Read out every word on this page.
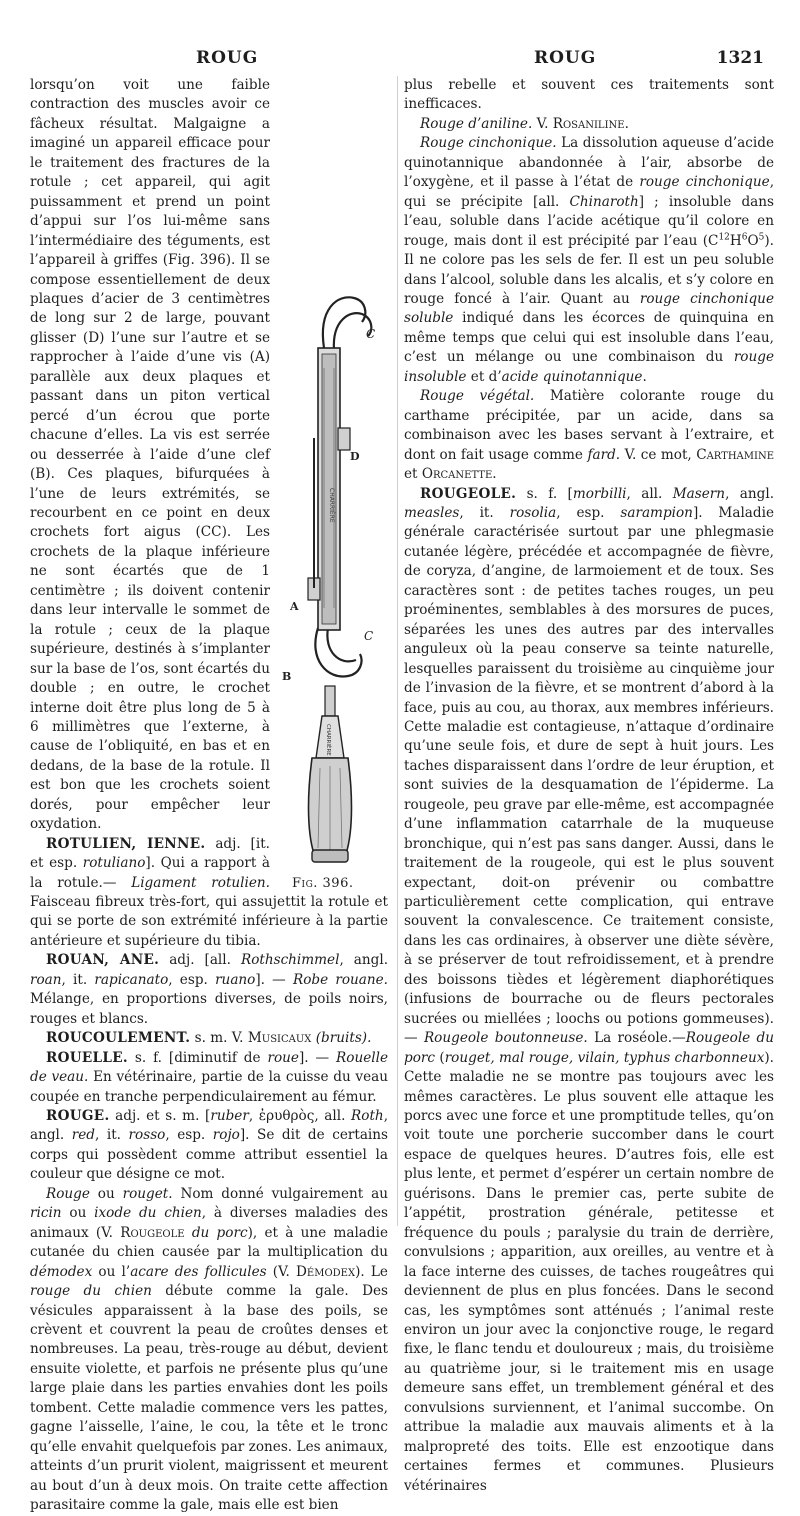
ROUG	ROUG	1321
CHARRIÈRE
C
D
A
C
B
CHARRIÈRE
Fig. 396.

lorsqu’on voit une faible contraction des muscles avoir ce fâcheux résultat. Malgaigne a imaginé un appareil efficace pour le traitement des fractures de la rotule ; cet appareil, qui agit puissamment et prend un point d’appui sur l’os lui-même sans l’intermédiaire des téguments, est l’appareil à griffes (Fig. 396). Il se compose essentiellement de deux plaques d’acier de 3 centimètres de long sur 2 de large, pouvant glisser (D) l’une sur l’autre et se rapprocher à l’aide d’une vis (A) parallèle aux deux plaques et passant dans un piton vertical percé d’un écrou que porte chacune d’elles. La vis est serrée ou desserrée à l’aide d’une clef (B). Ces plaques, bifurquées à l’une de leurs extrémités, se recourbent en ce point en deux crochets fort aigus (CC). Les crochets de la plaque inférieure ne sont écartés que de 1 centimètre ; ils doivent contenir dans leur intervalle le sommet de la rotule ; ceux de la plaque supérieure, destinés à s’implanter sur la base de l’os, sont écartés du double ; en outre, le crochet interne doit être plus long de 5 à 6 millimètres que l’externe, à cause de l’obliquité, en bas et en dedans, de la base de la rotule. Il est bon que les crochets soient dorés, pour empêcher leur oxydation.

ROTULIEN, IENNE. adj. [it. et esp. rotuliano]. Qui a rapport à la rotule.— Ligament rotulien. Faisceau fibreux très-fort, qui assujettit la rotule et qui se porte de son extrémité inférieure à la partie antérieure et supérieure du tibia.

ROUAN, ANE. adj. [all. Rothschimmel, angl. roan, it. rapicanato, esp. ruano]. — Robe rouane. Mélange, en proportions diverses, de poils noirs, rouges et blancs.

ROUCOULEMENT. s. m. V. Musicaux (bruits).

ROUELLE. s. f. [diminutif de roue]. — Rouelle de veau. En vétérinaire, partie de la cuisse du veau coupée en tranche perpendiculairement au fémur.

ROUGE. adj. et s. m. [ruber, ἐρυθρὸς, all. Roth, angl. red, it. rosso, esp. rojo]. Se dit de certains corps qui possèdent comme attribut essentiel la couleur que désigne ce mot.

Rouge ou rouget. Nom donné vulgairement au ricin ou ixode du chien, à diverses maladies des animaux (V. Rougeole du porc), et à une maladie cutanée du chien causée par la multiplication du démodex ou l’acare des follicules (V. Démodex). Le rouge du chien débute comme la gale. Des vésicules apparaissent à la base des poils, se crèvent et couvrent la peau de croûtes denses et nombreuses. La peau, très-rouge au début, devient ensuite violette, et parfois ne présente plus qu’une large plaie dans les parties envahies dont les poils tombent. Cette maladie commence vers les pattes, gagne l’aisselle, l’aine, le cou, la tête et le tronc qu’elle envahit quelquefois par zones. Les animaux, atteints d’un prurit violent, maigrissent et meurent au bout d’un à deux mois. On traite cette affection parasitaire comme la gale, mais elle est bien

plus rebelle et souvent ces traitements sont inefficaces.

Rouge d’aniline. V. Rosaniline.

Rouge cinchonique. La dissolution aqueuse d’acide quinotannique abandonnée à l’air, absorbe de l’oxygène, et il passe à l’état de rouge cinchonique, qui se précipite [all. Chinaroth] ; insoluble dans l’eau, soluble dans l’acide acétique qu’il colore en rouge, mais dont il est précipité par l’eau $(C^{12}H^6O^5)$. Il ne colore pas les sels de fer. Il est un peu soluble dans l’alcool, soluble dans les alcalis, et s’y colore en rouge foncé à l’air. Quant au rouge cinchonique soluble indiqué dans les écorces de quinquina en même temps que celui qui est insoluble dans l’eau, c’est un mélange ou une combinaison du rouge insoluble et d’acide quinotannique.

Rouge végétal. Matière colorante rouge du carthame précipitée, par un acide, dans sa combinaison avec les bases servant à l’extraire, et dont on fait usage comme fard. V. ce mot, Carthamine et Orcanette.

ROUGEOLE. s. f. [morbilli, all. Masern, angl. measles, it. rosolia, esp. sarampion]. Maladie générale caractérisée surtout par une phlegmasie cutanée légère, précédée et accompagnée de fièvre, de coryza, d’angine, de larmoiement et de toux. Ses caractères sont : de petites taches rouges, un peu proéminentes, semblables à des morsures de puces, séparées les unes des autres par des intervalles anguleux où la peau conserve sa teinte naturelle, lesquelles paraissent du troisième au cinquième jour de l’invasion de la fièvre, et se montrent d’abord à la face, puis au cou, au thorax, aux membres inférieurs. Cette maladie est contagieuse, n’attaque d’ordinaire qu’une seule fois, et dure de sept à huit jours. Les taches disparaissent dans l’ordre de leur éruption, et sont suivies de la desquamation de l’épiderme. La rougeole, peu grave par elle-même, est accompagnée d’une inflammation catarrhale de la muqueuse bronchique, qui n’est pas sans danger. Aussi, dans le traitement de la rougeole, qui est le plus souvent expectant, doit-on prévenir ou combattre particulièrement cette complication, qui entrave souvent la convalescence. Ce traitement consiste, dans les cas ordinaires, à observer une diète sévère, à se préserver de tout refroidissement, et à prendre des boissons tièdes et légèrement diaphorétiques (infusions de bourrache ou de fleurs pectorales sucrées ou miellées ; loochs ou potions gommeuses). — Rougeole boutonneuse. La roséole.—Rougeole du porc (rouget, mal rouge, vilain, typhus charbonneux). Cette maladie ne se montre pas toujours avec les mêmes caractères. Le plus souvent elle attaque les porcs avec une force et une promptitude telles, qu’on voit toute une porcherie succomber dans le court espace de quelques heures. D’autres fois, elle est plus lente, et permet d’espérer un certain nombre de guérisons. Dans le premier cas, perte subite de l’appétit, prostration générale, petitesse et fréquence du pouls ; paralysie du train de derrière, convulsions ; apparition, aux oreilles, au ventre et à la face interne des cuisses, de taches rougeâtres qui deviennent de plus en plus foncées. Dans le second cas, les symptômes sont atténués ; l’animal reste environ un jour avec la conjonctive rouge, le regard fixe, le flanc tendu et douloureux ; mais, du troisième au quatrième jour, si le traitement mis en usage demeure sans effet, un tremblement général et des convulsions surviennent, et l’animal succombe. On attribue la maladie aux mauvais aliments et à la malpropreté des toits. Elle est enzootique dans certaines fermes et communes. Plusieurs vétérinaires
